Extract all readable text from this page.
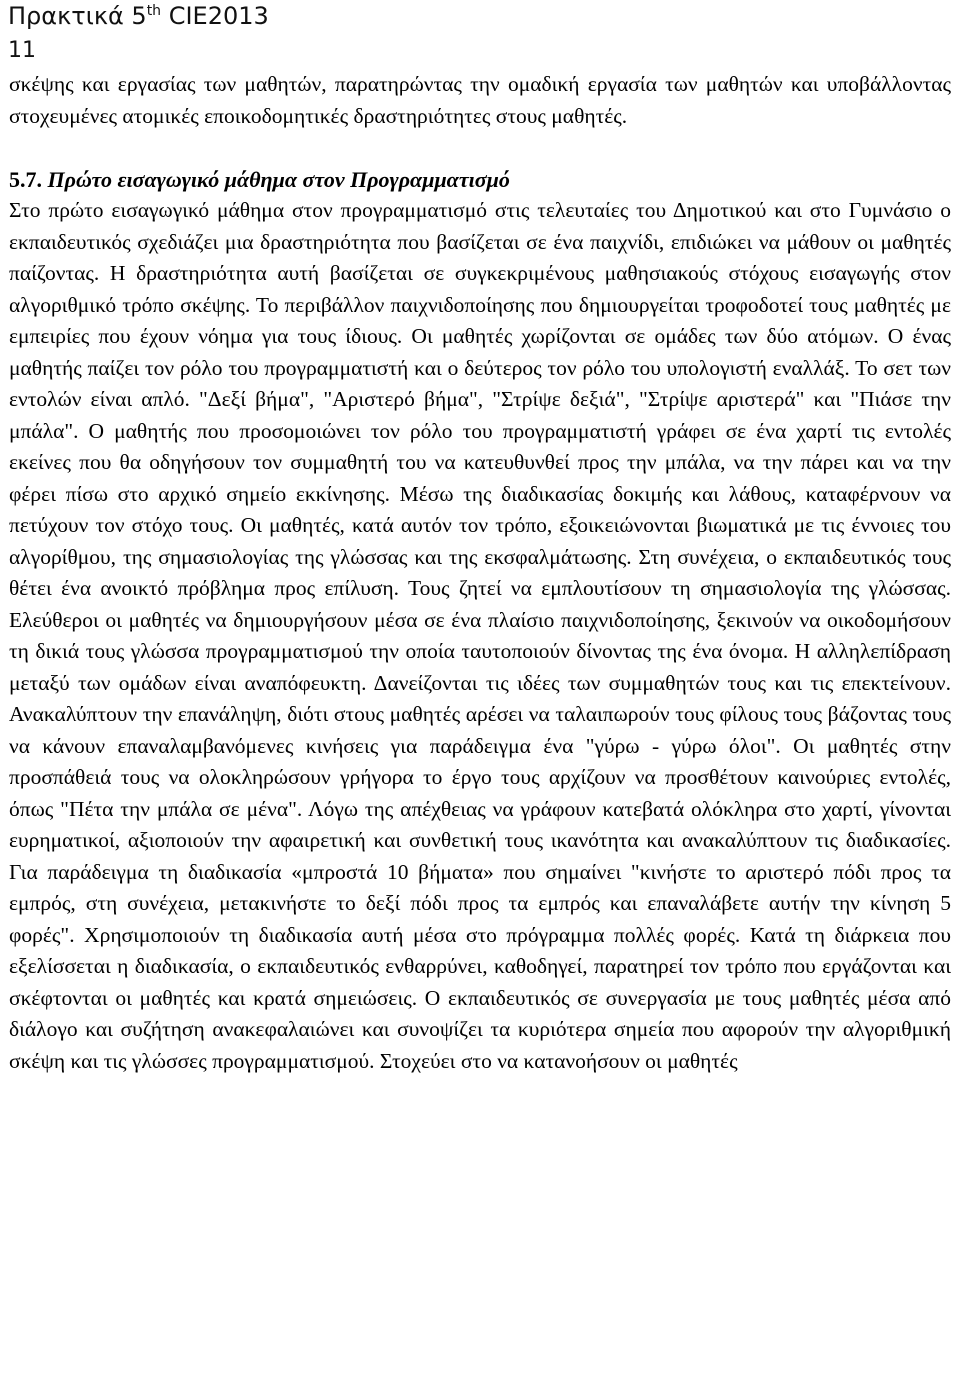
Πρακτικά 5th CIE2013
11

σκέψης και εργασίας των μαθητών, παρατηρώντας την ομαδική εργασία των μαθητών και υποβάλλοντας στοχευμένες ατομικές εποικοδομητικές δραστηριότητες στους μαθητές.

5.7. Πρώτο εισαγωγικό μάθημα στον Προγραμματισμό

Στο πρώτο εισαγωγικό μάθημα στον προγραμματισμό στις τελευταίες του Δημοτικού και στο Γυμνάσιο ο εκπαιδευτικός σχεδιάζει μια δραστηριότητα που βασίζεται σε ένα παιχνίδι, επιδιώκει να μάθουν οι μαθητές παίζοντας. Η δραστηριότητα αυτή βασίζεται σε συγκεκριμένους μαθησιακούς στόχους εισαγωγής στον αλγοριθμικό τρόπο σκέψης. Το περιβάλλον παιχνιδοποίησης που δημιουργείται τροφοδοτεί τους μαθητές με εμπειρίες που έχουν νόημα για τους ίδιους. Οι μαθητές χωρίζονται σε ομάδες των δύο ατόμων. Ο ένας μαθητής παίζει τον ρόλο του προγραμματιστή και ο δεύτερος τον ρόλο του υπολογιστή εναλλάξ. Το σετ των εντολών είναι απλό. "Δεξί βήμα", "Αριστερό βήμα", "Στρίψε δεξιά", "Στρίψε αριστερά" και "Πιάσε την μπάλα". Ο μαθητής που προσομοιώνει τον ρόλο του προγραμματιστή γράφει σε ένα χαρτί τις εντολές εκείνες που θα οδηγήσουν τον συμμαθητή του να κατευθυνθεί προς την μπάλα, να την πάρει και να την φέρει πίσω στο αρχικό σημείο εκκίνησης. Μέσω της διαδικασίας δοκιμής και λάθους, καταφέρνουν να πετύχουν τον στόχο τους. Οι μαθητές, κατά αυτόν τον τρόπο, εξοικειώνονται βιωματικά με τις έννοιες του αλγορίθμου, της σημασιολογίας της γλώσσας και της εκσφαλμάτωσης. Στη συνέχεια, ο εκπαιδευτικός τους θέτει ένα ανοικτό πρόβλημα προς επίλυση. Τους ζητεί να εμπλουτίσουν τη σημασιολογία της γλώσσας. Ελεύθεροι οι μαθητές να δημιουργήσουν μέσα σε ένα πλαίσιο παιχνιδοποίησης, ξεκινούν να οικοδομήσουν τη δικιά τους γλώσσα προγραμματισμού την οποία ταυτοποιούν δίνοντας της ένα όνομα. Η αλληλεπίδραση μεταξύ των ομάδων είναι αναπόφευκτη. Δανείζονται τις ιδέες των συμμαθητών τους και τις επεκτείνουν. Ανακαλύπτουν την επανάληψη, διότι στους μαθητές αρέσει να ταλαιπωρούν τους φίλους τους βάζοντας τους να κάνουν επαναλαμβανόμενες κινήσεις για παράδειγμα ένα "γύρω - γύρω όλοι". Οι μαθητές στην προσπάθειά τους να ολοκληρώσουν γρήγορα το έργο τους αρχίζουν να προσθέτουν καινούριες εντολές, όπως "Πέτα την μπάλα σε μένα". Λόγω της απέχθειας να γράφουν κατεβατά ολόκληρα στο χαρτί, γίνονται ευρηματικοί, αξιοποιούν την αφαιρετική και συνθετική τους ικανότητα και ανακαλύπτουν τις διαδικασίες. Για παράδειγμα τη διαδικασία «μπροστά 10 βήματα» που σημαίνει "κινήστε το αριστερό πόδι προς τα εμπρός, στη συνέχεια, μετακινήστε το δεξί πόδι προς τα εμπρός και επαναλάβετε αυτήν την κίνηση 5 φορές". Χρησιμοποιούν τη διαδικασία αυτή μέσα στο πρόγραμμα πολλές φορές. Κατά τη διάρκεια που εξελίσσεται η διαδικασία, ο εκπαιδευτικός ενθαρρύνει, καθοδηγεί, παρατηρεί τον τρόπο που εργάζονται και σκέφτονται οι μαθητές και κρατά σημειώσεις. Ο εκπαιδευτικός σε συνεργασία με τους μαθητές μέσα από διάλογο και συζήτηση ανακεφαλαιώνει και συνοψίζει τα κυριότερα σημεία που αφορούν την αλγοριθμική σκέψη και τις γλώσσες προγραμματισμού. Στοχεύει στο να κατανοήσουν οι μαθητές
